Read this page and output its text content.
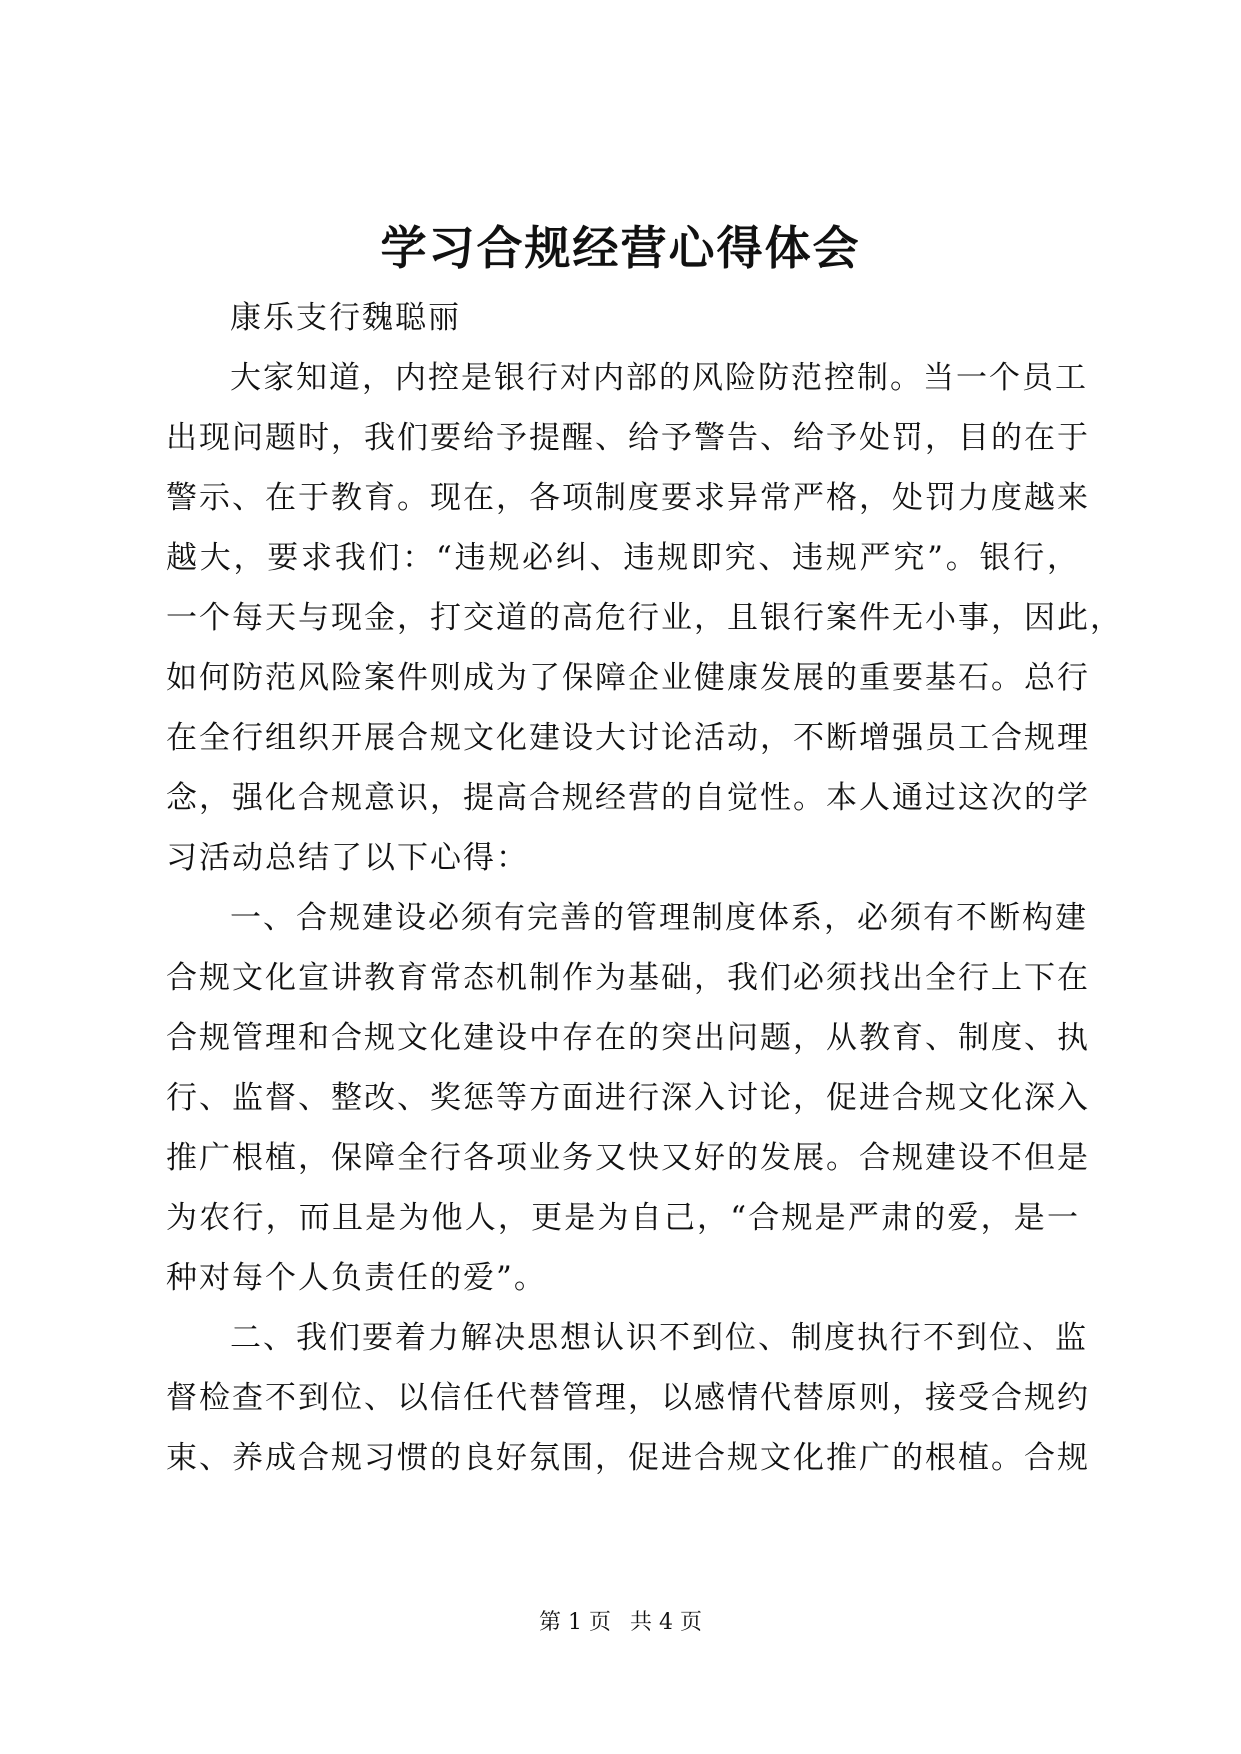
学习合规经营心得体会
康乐支行魏聪丽
大家知道，内控是银行对内部的风险防范控制。当一个员工
出现问题时，我们要给予提醒、给予警告、给予处罚，目的在于
警示、在于教育。现在，各项制度要求异常严格，处罚力度越来
越大，要求我们：“违规必纠、违规即究、违规严究”。银行，
一个每天与现金，打交道的高危行业，且银行案件无小事，因此，
如何防范风险案件则成为了保障企业健康发展的重要基石。总行
在全行组织开展合规文化建设大讨论活动，不断增强员工合规理
念，强化合规意识，提高合规经营的自觉性。本人通过这次的学
习活动总结了以下心得：
一、合规建设必须有完善的管理制度体系，必须有不断构建
合规文化宣讲教育常态机制作为基础，我们必须找出全行上下在
合规管理和合规文化建设中存在的突出问题，从教育、制度、执
行、监督、整改、奖惩等方面进行深入讨论，促进合规文化深入
推广根植，保障全行各项业务又快又好的发展。合规建设不但是
为农行，而且是为他人，更是为自己，“合规是严肃的爱，是一
种对每个人负责任的爱”。
二、我们要着力解决思想认识不到位、制度执行不到位、监
督检查不到位、以信任代替管理，以感情代替原则，接受合规约
束、养成合规习惯的良好氛围，促进合规文化推广的根植。合规
第 1 页 共 4 页
